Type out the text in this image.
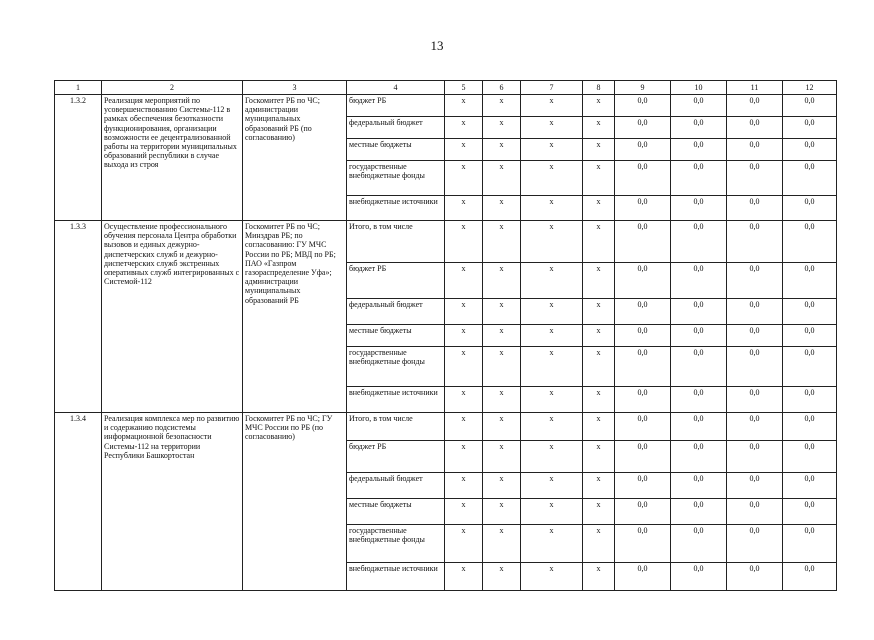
13
1	2	3	4	5	6	7	8	9	10	11	12
1.3.2	Реализация мероприятий по усовершенствованию Системы-112 в рамках обеспечения безотказности функционирования, организации возможности ее децентрализованной работы на территории муниципальных образований республики в случае выхода из строя	Госкомитет РБ по ЧС; администрации муниципальных образований РБ (по согласованию)	бюджет РБ	х	х	х	х	0,0	0,0	0,0	0,0
			федеральный бюджет	х	х	х	х	0,0	0,0	0,0	0,0
			местные бюджеты	х	х	х	х	0,0	0,0	0,0	0,0
			государственные внебюджетные фонды	х	х	х	х	0,0	0,0	0,0	0,0
			внебюджетные источники	х	х	х	х	0,0	0,0	0,0	0,0
1.3.3	Осуществление профессионального обучения персонала Центра обработки вызовов и единых дежурно-диспетчерских служб и дежурно-диспетчерских служб экстренных оперативных служб интегрированных с Системой-112	Госкомитет РБ по ЧС; Минздрав РБ; по согласованию: ГУ МЧС России по РБ; МВД по РБ; ПАО «Газпром газораспределение Уфа»; администрации муниципальных образований РБ	Итого, в том числе	х	х	х	х	0,0	0,0	0,0	0,0
			бюджет РБ	х	х	х	х	0,0	0,0	0,0	0,0
			федеральный бюджет	х	х	х	х	0,0	0,0	0,0	0,0
			местные бюджеты	х	х	х	х	0,0	0,0	0,0	0,0
			государственные внебюджетные фонды	х	х	х	х	0,0	0,0	0,0	0,0
			внебюджетные источники	х	х	х	х	0,0	0,0	0,0	0,0
1.3.4	Реализация комплекса мер по развитию и содержанию подсистемы информационной безопасности Системы-112 на территории Республики Башкортостан	Госкомитет РБ по ЧС; ГУ МЧС России по РБ (по согласованию)	Итого, в том числе	х	х	х	х	0,0	0,0	0,0	0,0
			бюджет РБ	х	х	х	х	0,0	0,0	0,0	0,0
			федеральный бюджет	х	х	х	х	0,0	0,0	0,0	0,0
			местные бюджеты	х	х	х	х	0,0	0,0	0,0	0,0
			государственные внебюджетные фонды	х	х	х	х	0,0	0,0	0,0	0,0
			внебюджетные источники	х	х	х	х	0,0	0,0	0,0	0,0
